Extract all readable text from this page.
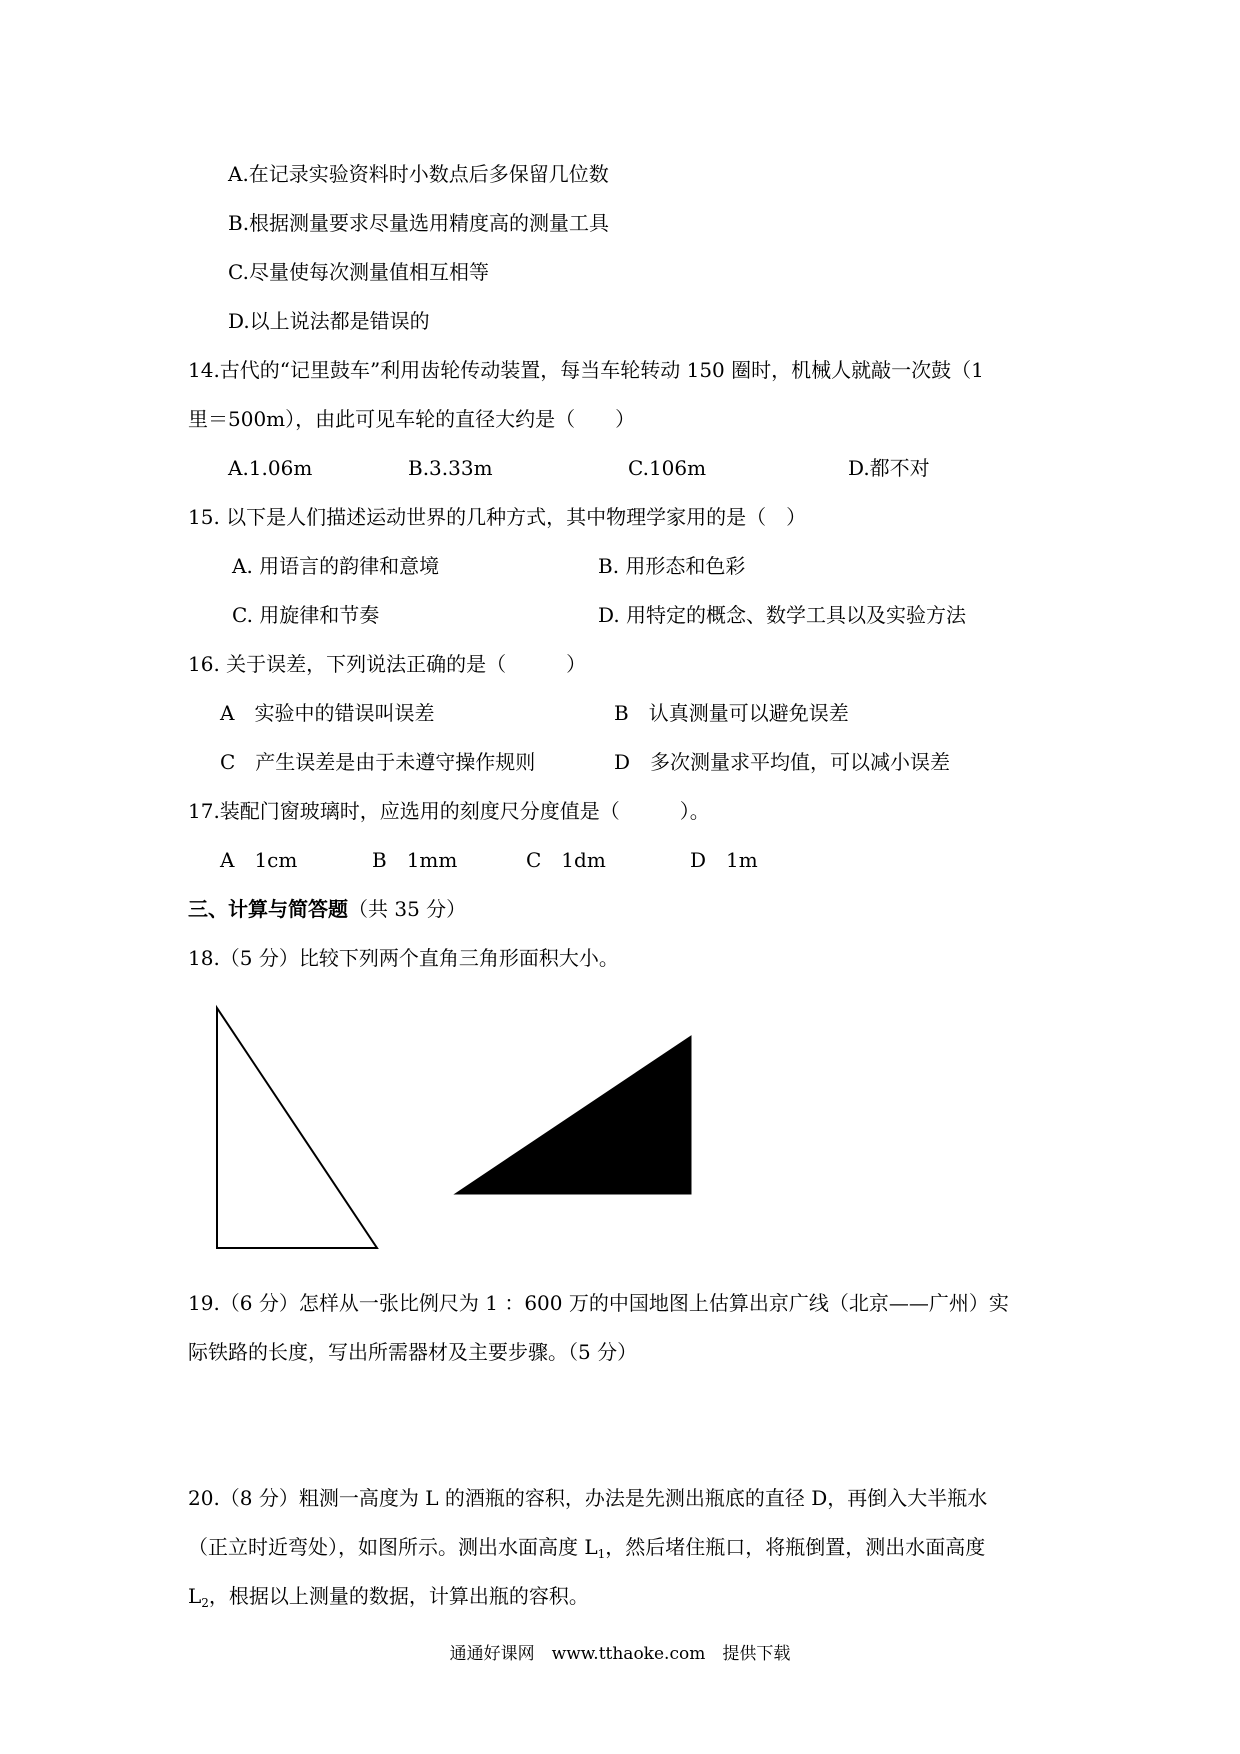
A.在记录实验资料时小数点后多保留几位数
B.根据测量要求尽量选用精度高的测量工具
C.尽量使每次测量值相互相等
D.以上说法都是错误的
14.古代的“记里鼓车”利用齿轮传动装置，每当车轮转动 150 圈时，机械人就敲一次鼓（1
里＝500m），由此可见车轮的直径大约是（　　）
A.1.06m	B.3.33m	C.106m	D.都不对
15. 以下是人们描述运动世界的几种方式，其中物理学家用的是（　）
A. 用语言的韵律和意境	B. 用形态和色彩
C. 用旋律和节奏	D. 用特定的概念、数学工具以及实验方法
16. 关于误差，下列说法正确的是（　　　）
A　实验中的错误叫误差	B　认真测量可以避免误差
C　产生误差是由于未遵守操作规则	D　多次测量求平均值，可以减小误差
17.装配门窗玻璃时，应选用的刻度尺分度值是（　　　）。
A　1cm	B　1mm	C　1dm	D　1m
三、计算与简答题（共 35 分）
18.（5 分）比较下列两个直角三角形面积大小。
19.（6 分）怎样从一张比例尺为 1 ：600 万的中国地图上估算出京广线（北京——广州）实
际铁路的长度，写出所需器材及主要步骤。（5 分）
20.（8 分）粗测一高度为 L 的酒瓶的容积，办法是先测出瓶底的直径 D，再倒入大半瓶水
（正立时近弯处），如图所示。测出水面高度 $L_1$，然后堵住瓶口，将瓶倒置，测出水面高度
$L_2$，根据以上测量的数据，计算出瓶的容积。
通通好课网　www.tthaoke.com　提供下载
